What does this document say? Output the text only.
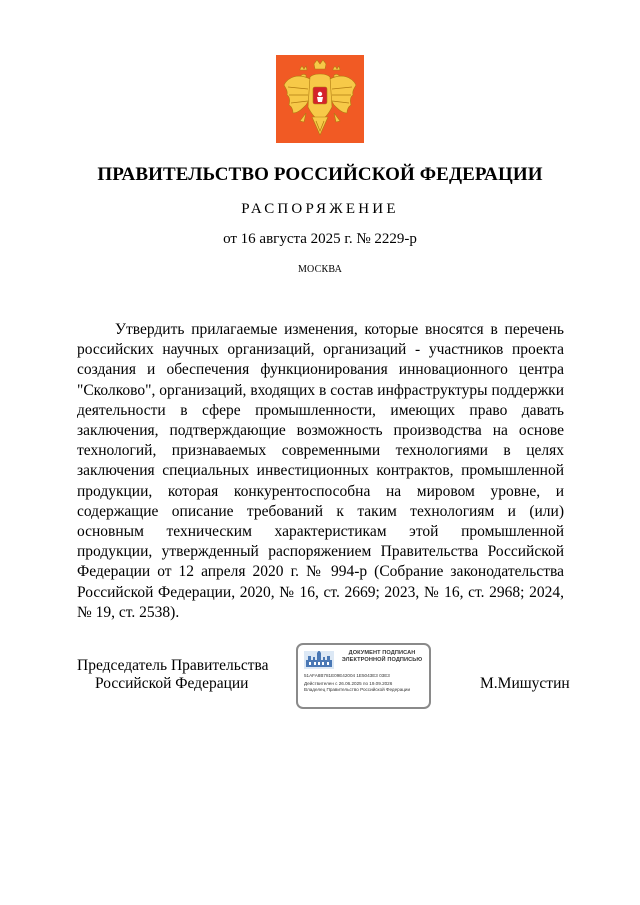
ПРАВИТЕЛЬСТВО РОССИЙСКОЙ ФЕДЕРАЦИИ
РАСПОРЯЖЕНИЕ
от 16 августа 2025 г. № 2229-р
МОСКВА

Утвердить прилагаемые изменения, которые вносятся в перечень российских научных организаций, организаций - участников проекта создания и обеспечения функционирования инновационного центра "Сколково", организаций, входящих в состав инфраструктуры поддержки деятельности в сфере промышленности, имеющих право давать заключения, подтверждающие возможность производства на основе технологий, признаваемых современными технологиями в целях заключения специальных инвестиционных контрактов, промышленной продукции, которая конкурентоспособна на мировом уровне, и содержащие описание требований к таким технологиям и (или) основным техническим характеристикам этой промышленной продукции, утвержденный распоряжением Правительства Российской Федерации от 12 апреля 2020 г. № 994-р (Собрание законодательства Российской Федерации, 2020, № 16, ст. 2669; 2023, № 16, ст. 2968; 2024, № 19, ст. 2538).

Председатель Правительства
Российской Федерации
ДОКУМЕНТ ПОДПИСАН
ЭЛЕКТРОННОЙ ПОДПИСЬЮ
51AFA8B781E09E42004 1E5043E3 03E3
Действителен с 26.06.2025 по 19.09.2026
Владелец Правительство Российской Федерации	М.Мишустин
